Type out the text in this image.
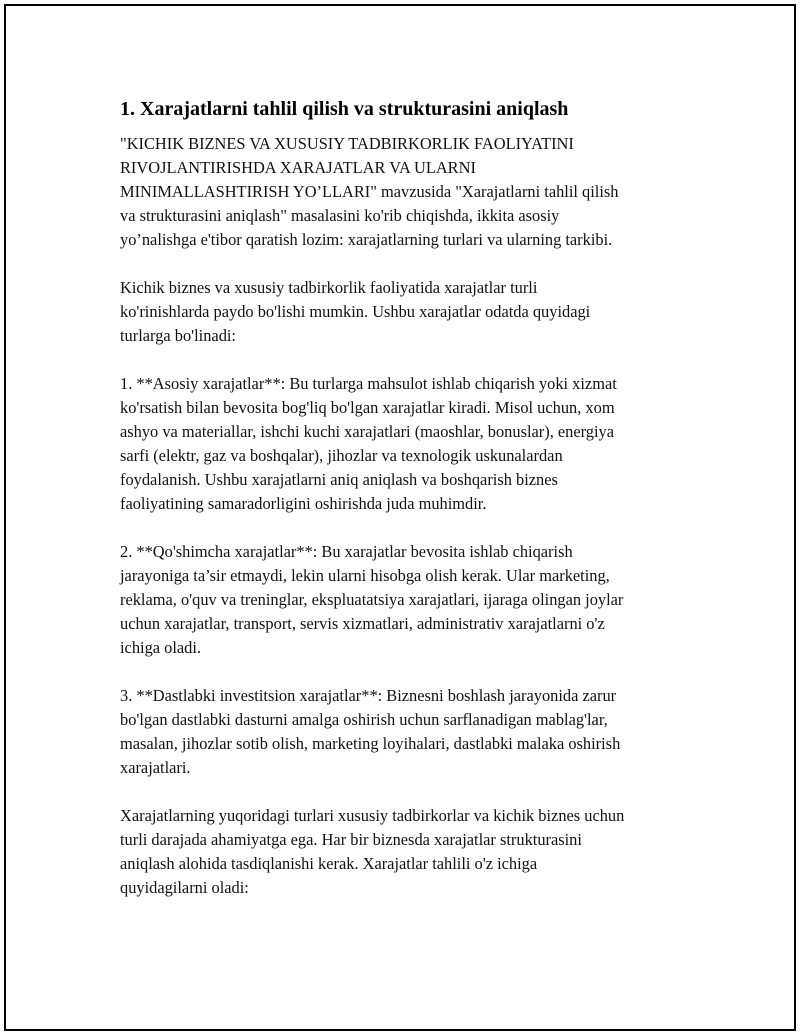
1. Xarajatlarni tahlil qilish va strukturasini aniqlash

"KICHIK BIZNES VA XUSUSIY TADBIRKORLIK FAOLIYATINI
RIVOJLANTIRISHDA XARAJATLAR VA ULARNI
MINIMALLASHTIRISH YO’LLARI" mavzusida "Xarajatlarni tahlil qilish
va strukturasini aniqlash" masalasini ko'rib chiqishda, ikkita asosiy
yo’nalishga e'tibor qaratish lozim: xarajatlarning turlari va ularning tarkibi.

Kichik biznes va xususiy tadbirkorlik faoliyatida xarajatlar turli
ko'rinishlarda paydo bo'lishi mumkin. Ushbu xarajatlar odatda quyidagi
turlarga bo'linadi:

1. **Asosiy xarajatlar**: Bu turlarga mahsulot ishlab chiqarish yoki xizmat
ko'rsatish bilan bevosita bog'liq bo'lgan xarajatlar kiradi. Misol uchun, xom
ashyo va materiallar, ishchi kuchi xarajatlari (maoshlar, bonuslar), energiya
sarfi (elektr, gaz va boshqalar), jihozlar va texnologik uskunalardan
foydalanish. Ushbu xarajatlarni aniq aniqlash va boshqarish biznes
faoliyatining samaradorligini oshirishda juda muhimdir.

2. **Qo'shimcha xarajatlar**: Bu xarajatlar bevosita ishlab chiqarish
jarayoniga ta’sir etmaydi, lekin ularni hisobga olish kerak. Ular marketing,
reklama, o'quv va treninglar, ekspluatatsiya xarajatlari, ijaraga olingan joylar
uchun xarajatlar, transport, servis xizmatlari, administrativ xarajatlarni o'z
ichiga oladi.

3. **Dastlabki investitsion xarajatlar**: Biznesni boshlash jarayonida zarur
bo'lgan dastlabki dasturni amalga oshirish uchun sarflanadigan mablag'lar,
masalan, jihozlar sotib olish, marketing loyihalari, dastlabki malaka oshirish
xarajatlari.

Xarajatlarning yuqoridagi turlari xususiy tadbirkorlar va kichik biznes uchun
turli darajada ahamiyatga ega. Har bir biznesda xarajatlar strukturasini
aniqlash alohida tasdiqlanishi kerak. Xarajatlar tahlili o'z ichiga
quyidagilarni oladi:
